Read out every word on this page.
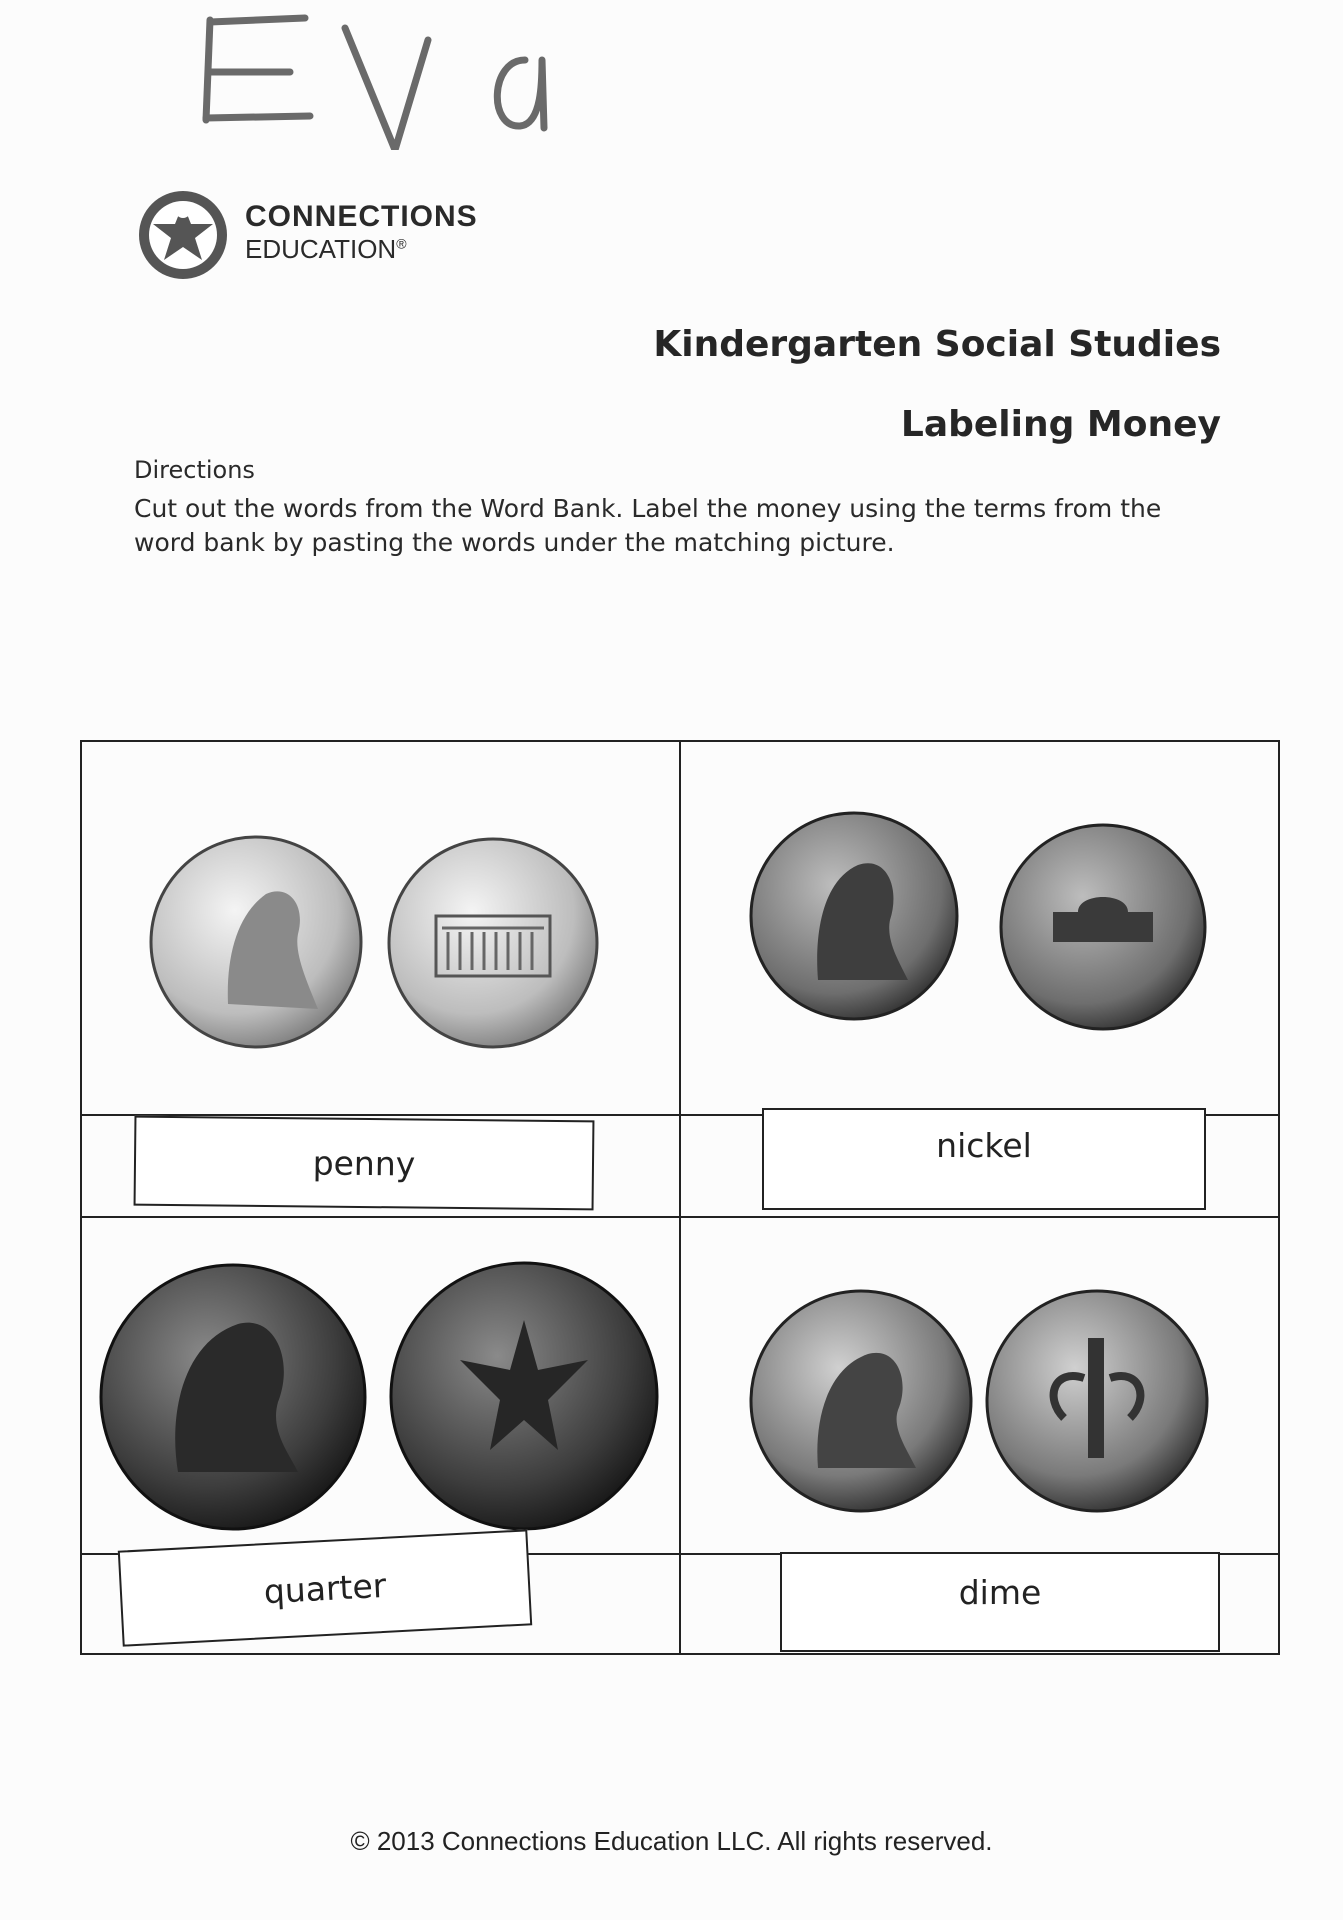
CONNECTIONS
EDUCATION®
Kindergarten Social Studies
Labeling Money
Directions
Cut out the words from the Word Bank. Label the money using the terms from the word bank by pasting the words under the matching picture.
penny	nickel
quarter	dime
© 2013 Connections Education LLC. All rights reserved.
